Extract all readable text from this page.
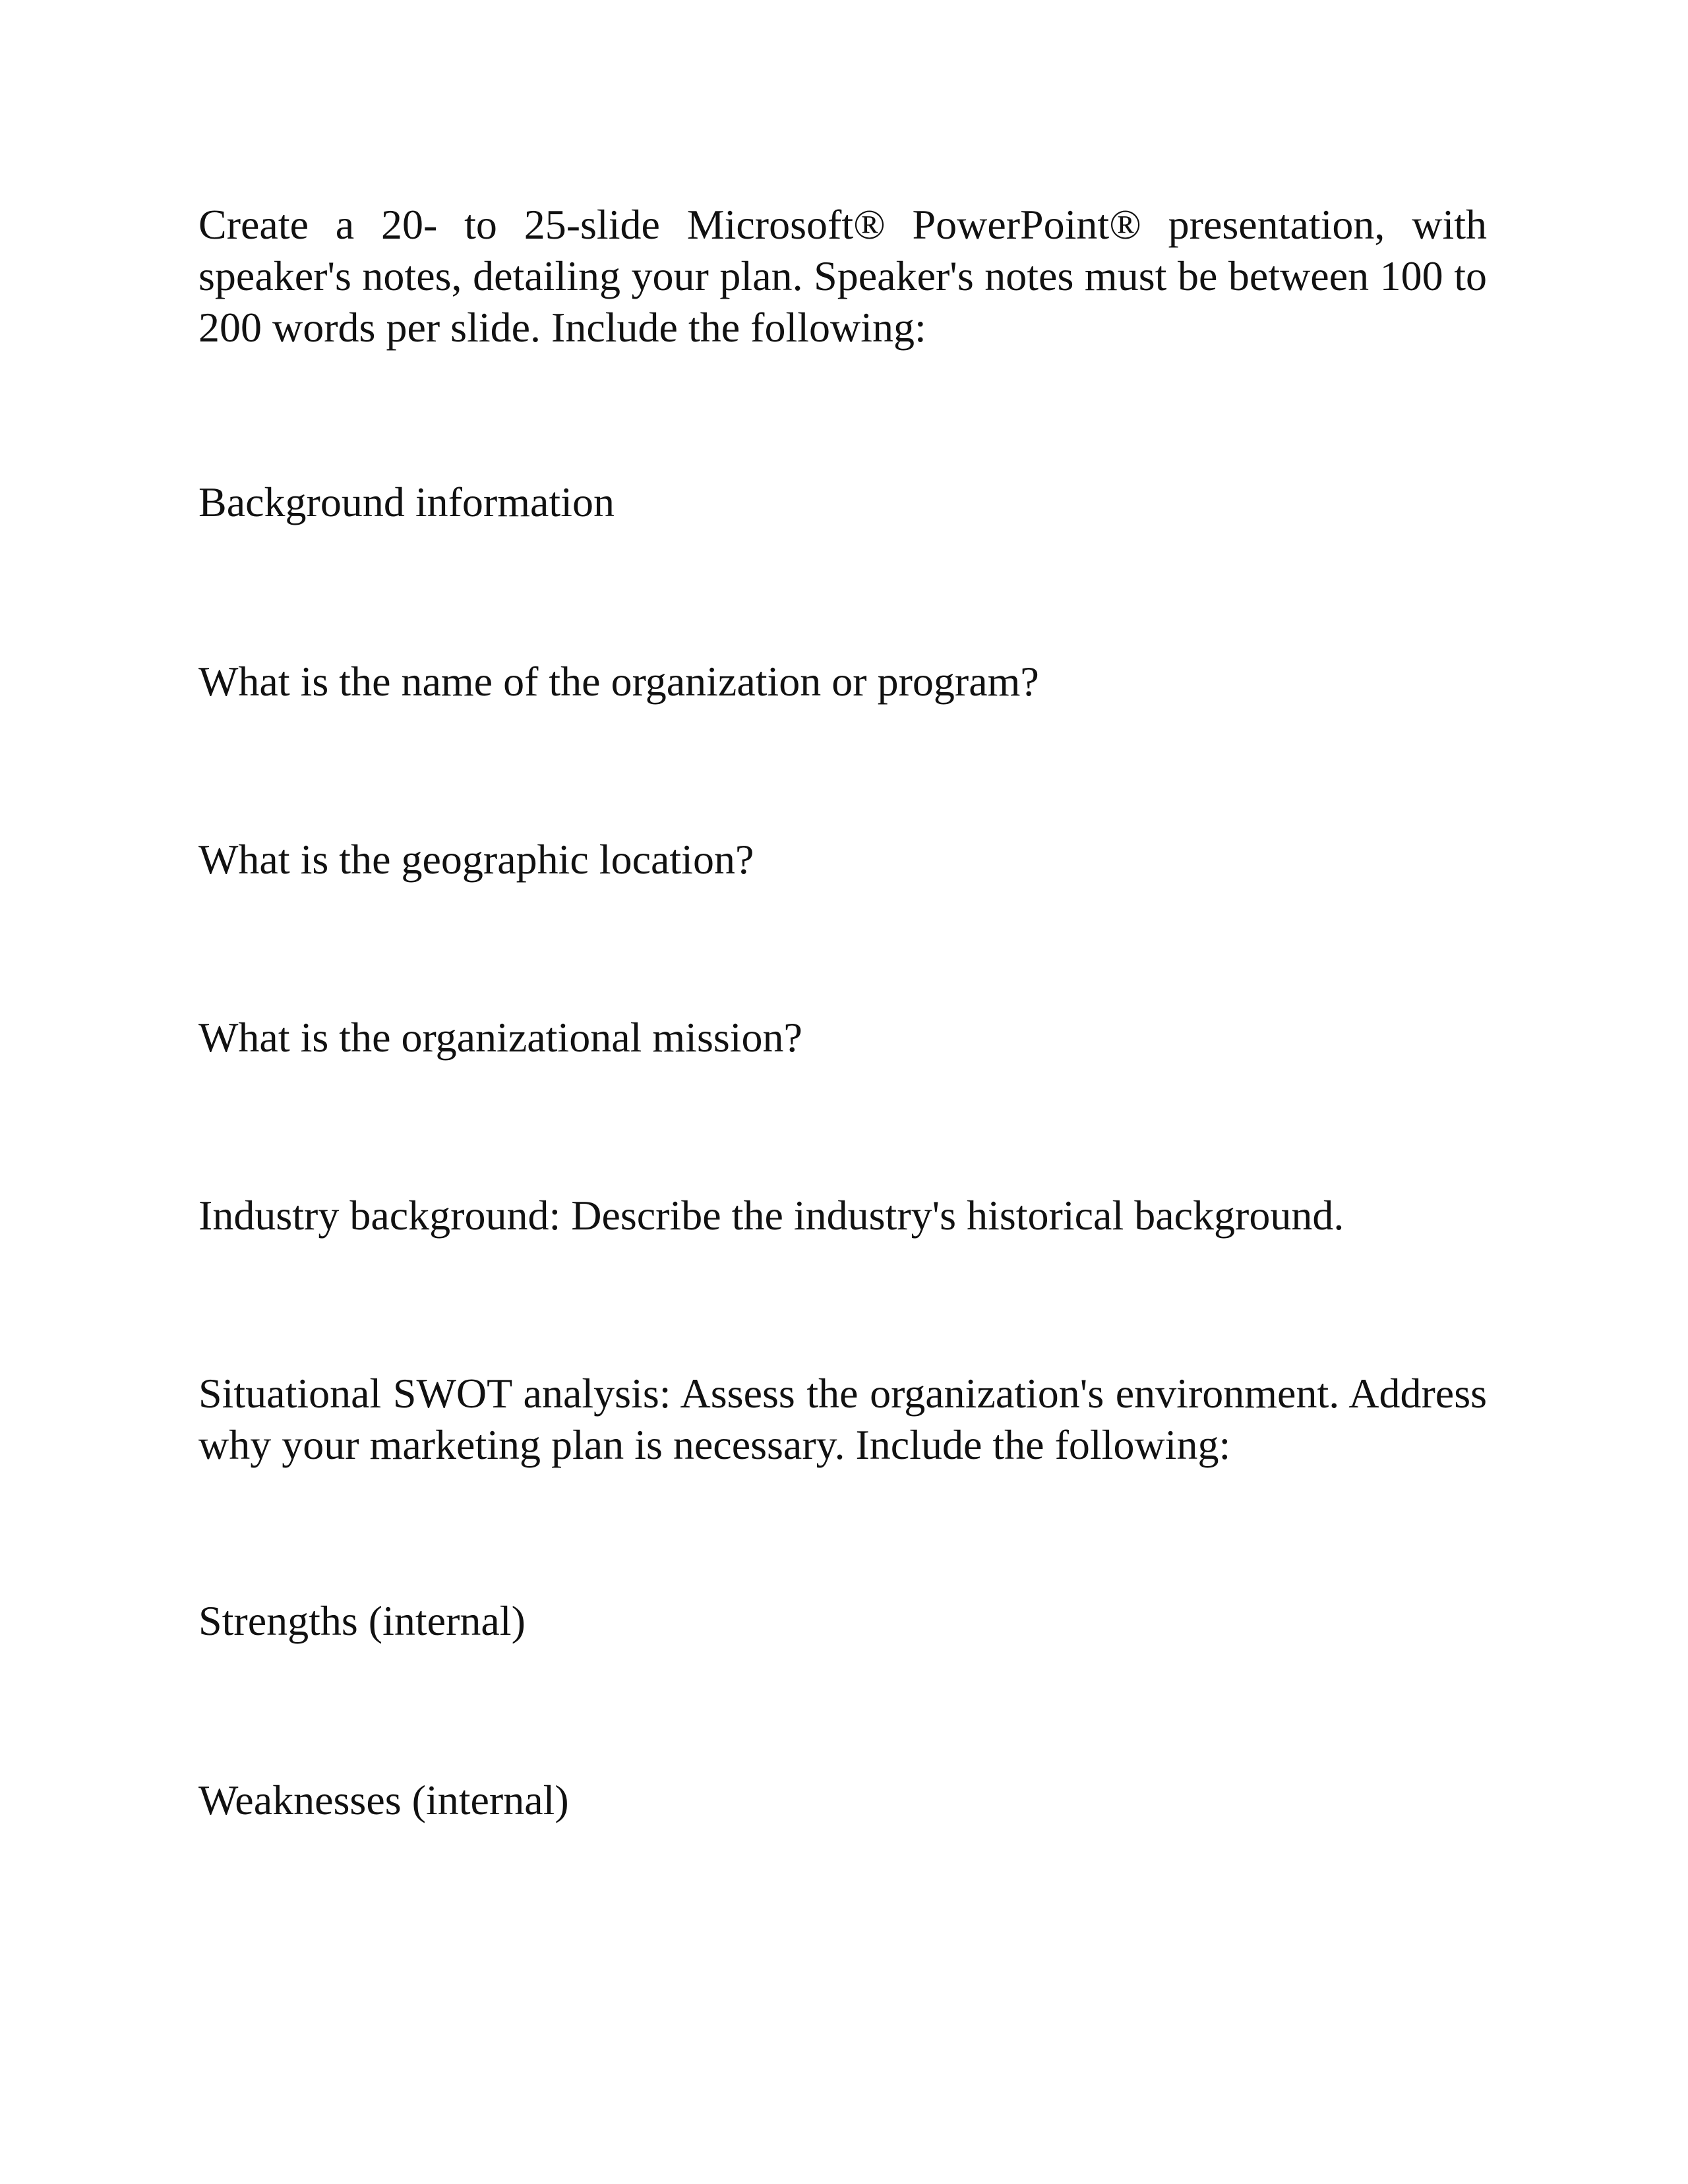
Create a 20- to 25-slide Microsoft® PowerPoint® presentation, with speaker's notes, detailing your plan. Speaker's notes must be between 100 to 200 words per slide. Include the following:

Background information

What is the name of the organization or program?

What is the geographic location?

What is the organizational mission?

Industry background: Describe the industry's historical background.

Situational SWOT analysis: Assess the organization's environment. Address why your marketing plan is necessary. Include the following:

Strengths (internal)

Weaknesses (internal)
